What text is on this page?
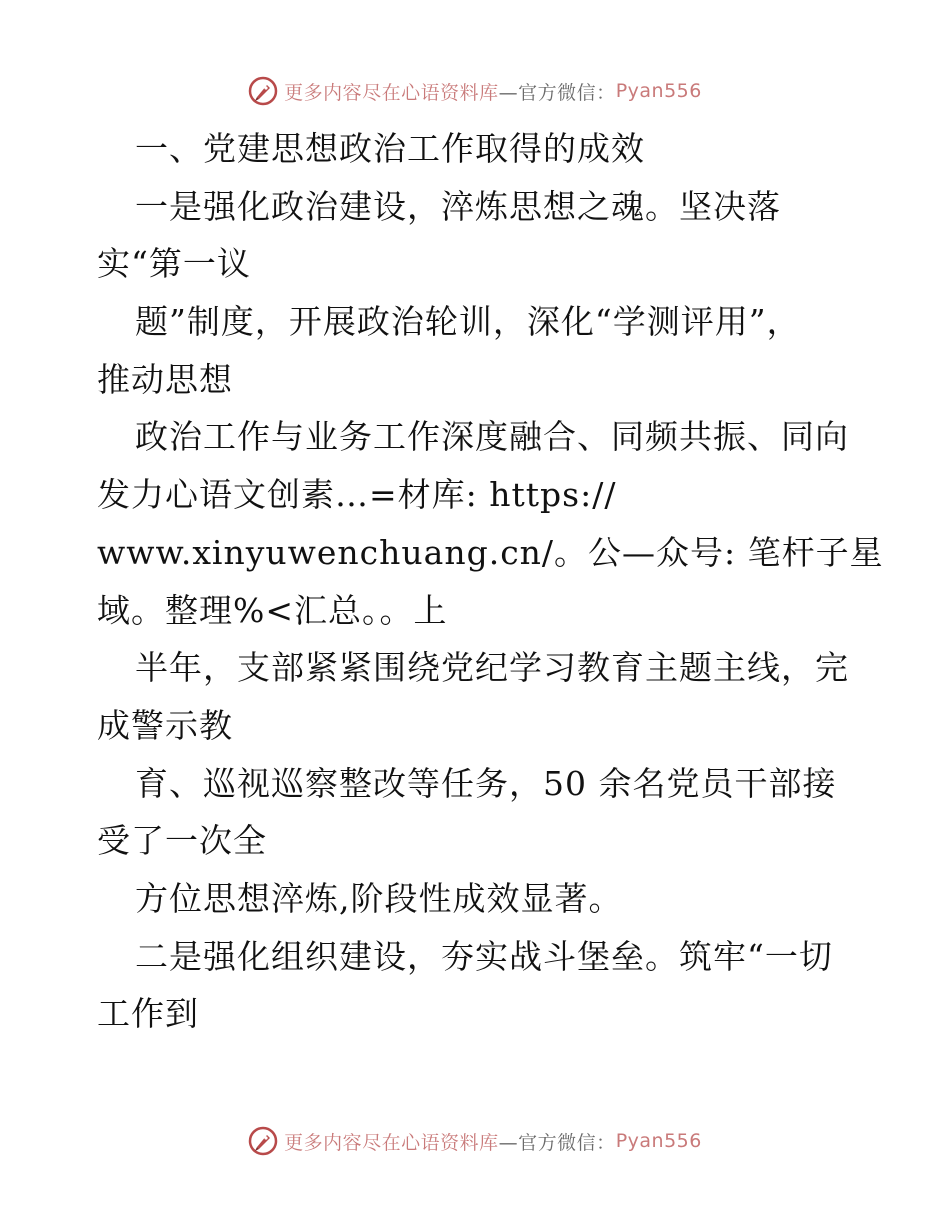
更多内容尽在心语资料库 —官方微信： Pyan556
一、党建思想政治工作取得的成效
一是强化政治建设，淬炼思想之魂。坚决落
实“第一议
题”制度，开展政治轮训，深化“学测评用”，
推动思想
政治工作与业务工作深度融合、同频共振、同向
发力心语文创素…=材库: https://
www.xinyuwenchuang.cn/。公—众号: 笔杆子星
域。整理%<汇总。。上
半年，支部紧紧围绕党纪学习教育主题主线，完
成警示教
育、巡视巡察整改等任务，50 余名党员干部接
受了一次全
方位思想淬炼,阶段性成效显著。
二是强化组织建设，夯实战斗堡垒。筑牢“一切
工作到
更多内容尽在心语资料库 —官方微信： Pyan556
